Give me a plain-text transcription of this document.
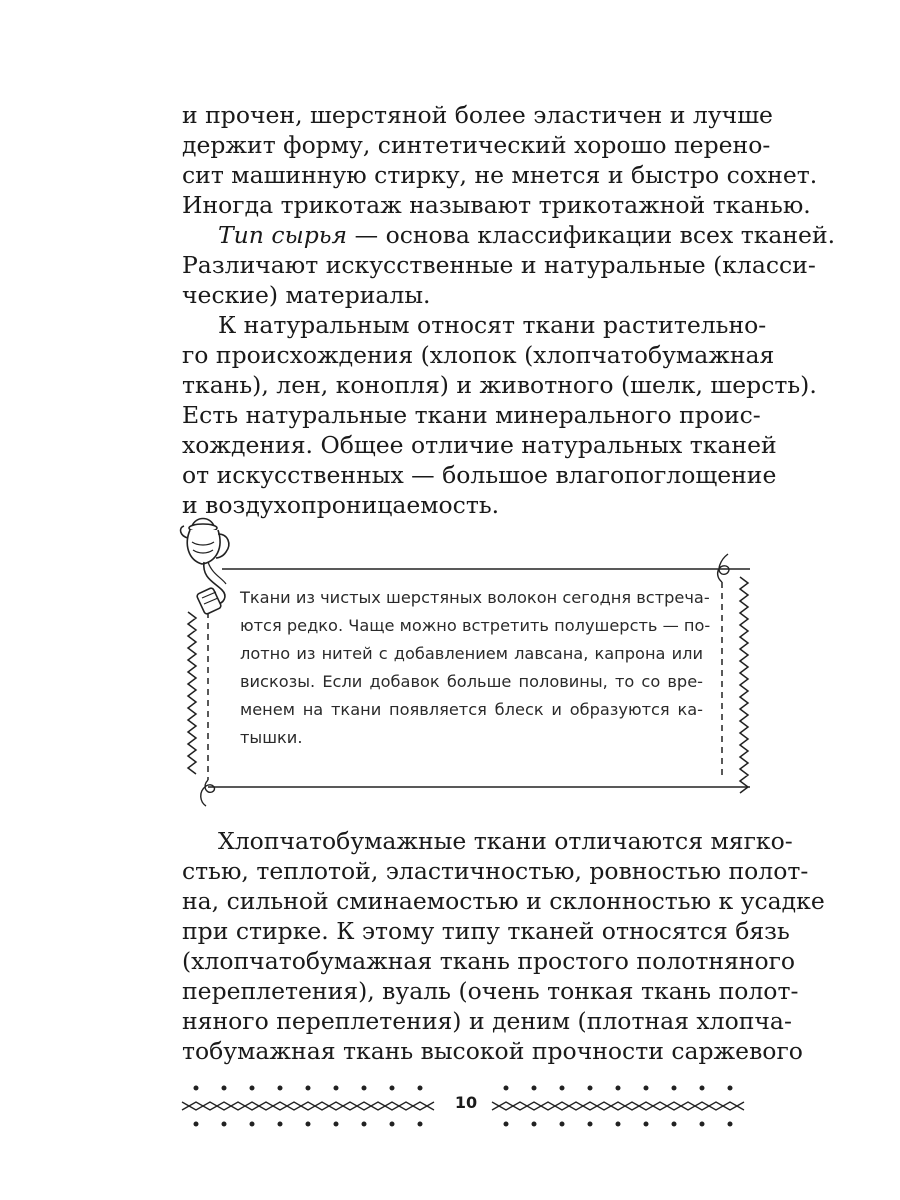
и прочен, шерстяной более эластичен и лучше
держит форму, синтетический хорошо перено-
сит машинную стирку, не мнется и быстро сохнет.
Иногда трикотаж называют трикотажной тканью.
Тип сырья — основа классификации всех тканей.
Различают искусственные и натуральные (класси-
ческие) материалы.
К натуральным относят ткани растительно-
го происхождения (хлопок (хлопчатобумажная
ткань), лен, конопля) и животного (шелк, шерсть).
Есть натуральные ткани минерального проис-
хождения. Общее отличие натуральных тканей
от искусственных — большое влагопоглощение
и воздухопроницаемость.
Ткани из чистых шерстяных волокон сегодня встреча-
ются редко. Чаще можно встретить полушерсть — по-
лотно из нитей с добавлением лавсана, капрона или
вискозы. Если добавок больше половины, то со вре-
менем на ткани появляется блеск и образуются ка-
тышки.
Хлопчатобумажные ткани отличаются мягко-
стью, теплотой, эластичностью, ровностью полот-
на, сильной сминаемостью и склонностью к усадке
при стирке. К этому типу тканей относятся бязь
(хлопчатобумажная ткань простого полотняного
переплетения), вуаль (очень тонкая ткань полот-
няного переплетения) и деним (плотная хлопча-
тобумажная ткань высокой прочности саржевого
10
